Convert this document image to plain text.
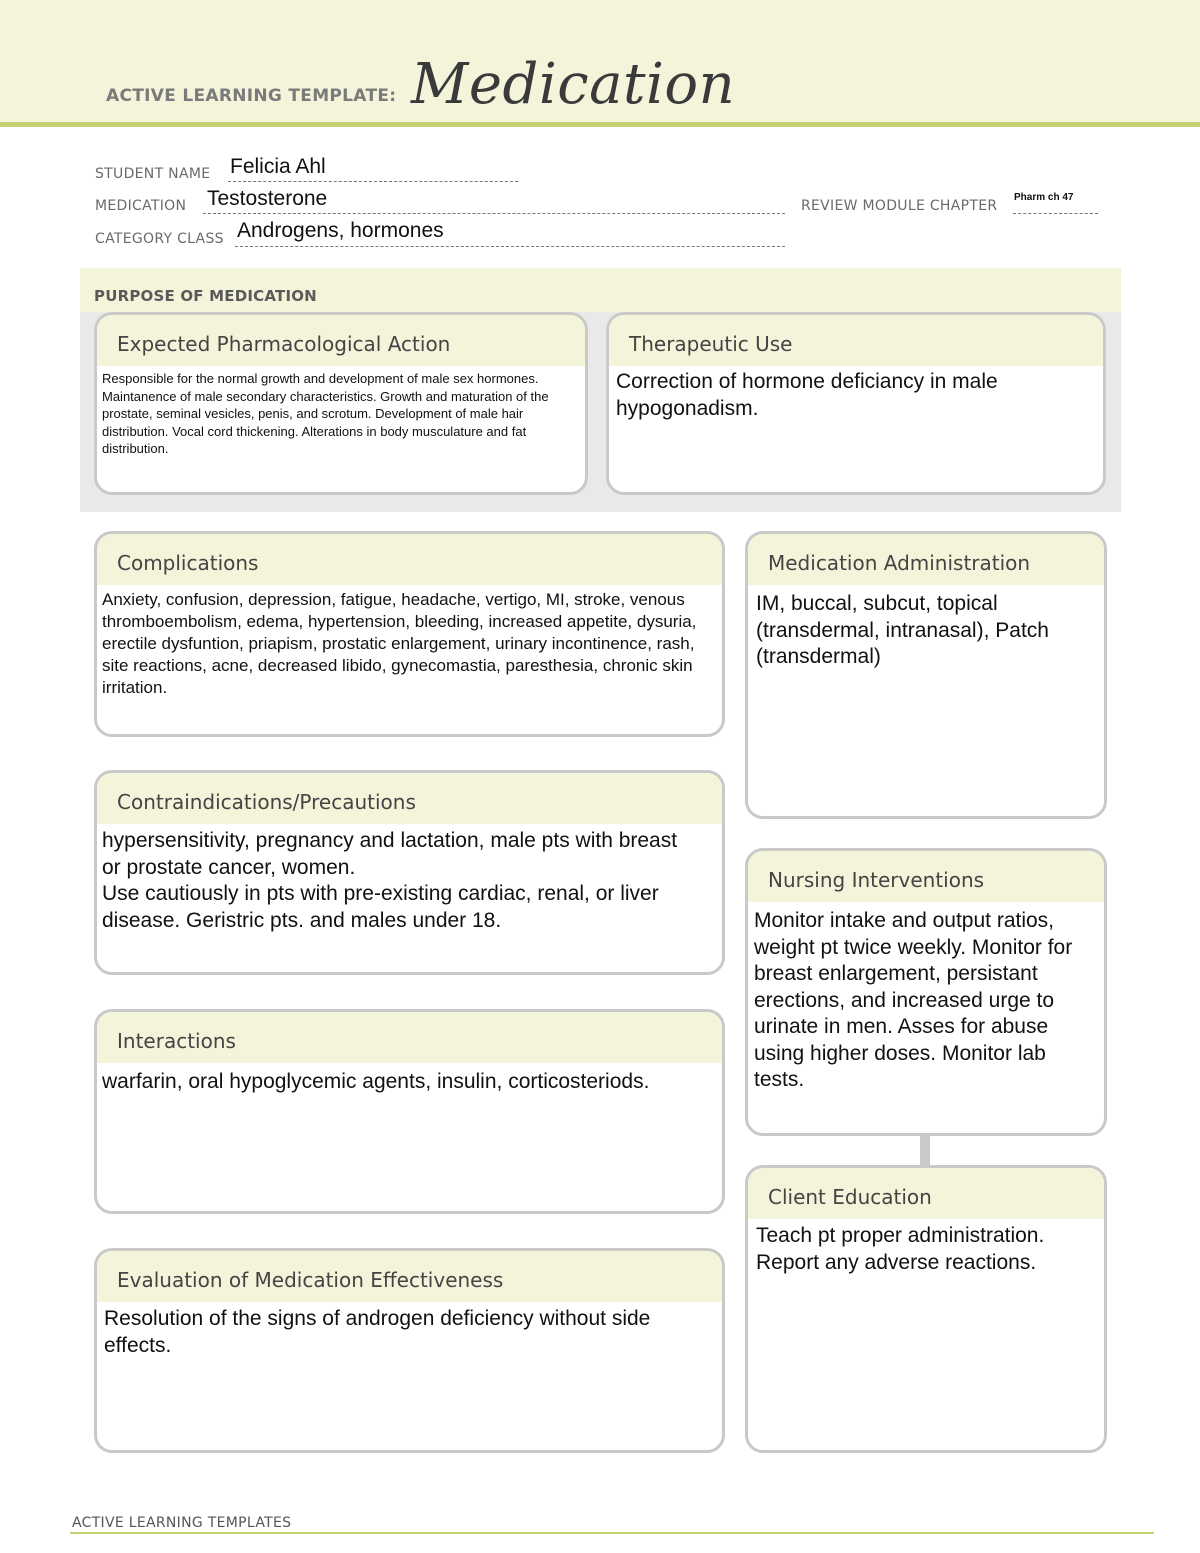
ACTIVE LEARNING TEMPLATE: Medication
STUDENT NAME Felicia Ahl
MEDICATION Testosterone	REVIEW MODULE CHAPTER
Pharm ch 47
CATEGORY CLASS Androgens, hormones
PURPOSE OF MEDICATION
Expected Pharmacological Action
Responsible for the normal growth and development of male sex hormones. Maintanence of male secondary characteristics. Growth and maturation of the prostate, seminal vesicles, penis, and scrotum. Development of male hair distribution. Vocal cord thickening. Alterations in body musculature and fat distribution.
Therapeutic Use
Correction of hormone deficiancy in male hypogonadism.
Complications
Anxiety, confusion, depression, fatigue, headache, vertigo, MI, stroke, venous thromboembolism, edema, hypertension, bleeding, increased appetite, dysuria, erectile dysfuntion, priapism, prostatic enlargement, urinary incontinence, rash, site reactions, acne, decreased libido, gynecomastia, paresthesia, chronic skin irritation.
Contraindications/Precautions
hypersensitivity, pregnancy and lactation, male pts with breast or prostate cancer, women.
Use cautiously in pts with pre-existing cardiac, renal, or liver disease. Geristric pts. and males under 18.
Interactions
warfarin, oral hypoglycemic agents, insulin, corticosteriods.
Evaluation of Medication Effectiveness
Resolution of the signs of androgen deficiency without side effects.
Medication Administration
IM, buccal, subcut, topical (transdermal, intranasal), Patch (transdermal)
Nursing Interventions
Monitor intake and output ratios, weight pt twice weekly. Monitor for breast enlargement, persistant erections, and increased urge to urinate in men. Asses for abuse using higher doses. Monitor lab tests.
Client Education
Teach pt proper administration. Report any adverse reactions.
ACTIVE LEARNING TEMPLATES
